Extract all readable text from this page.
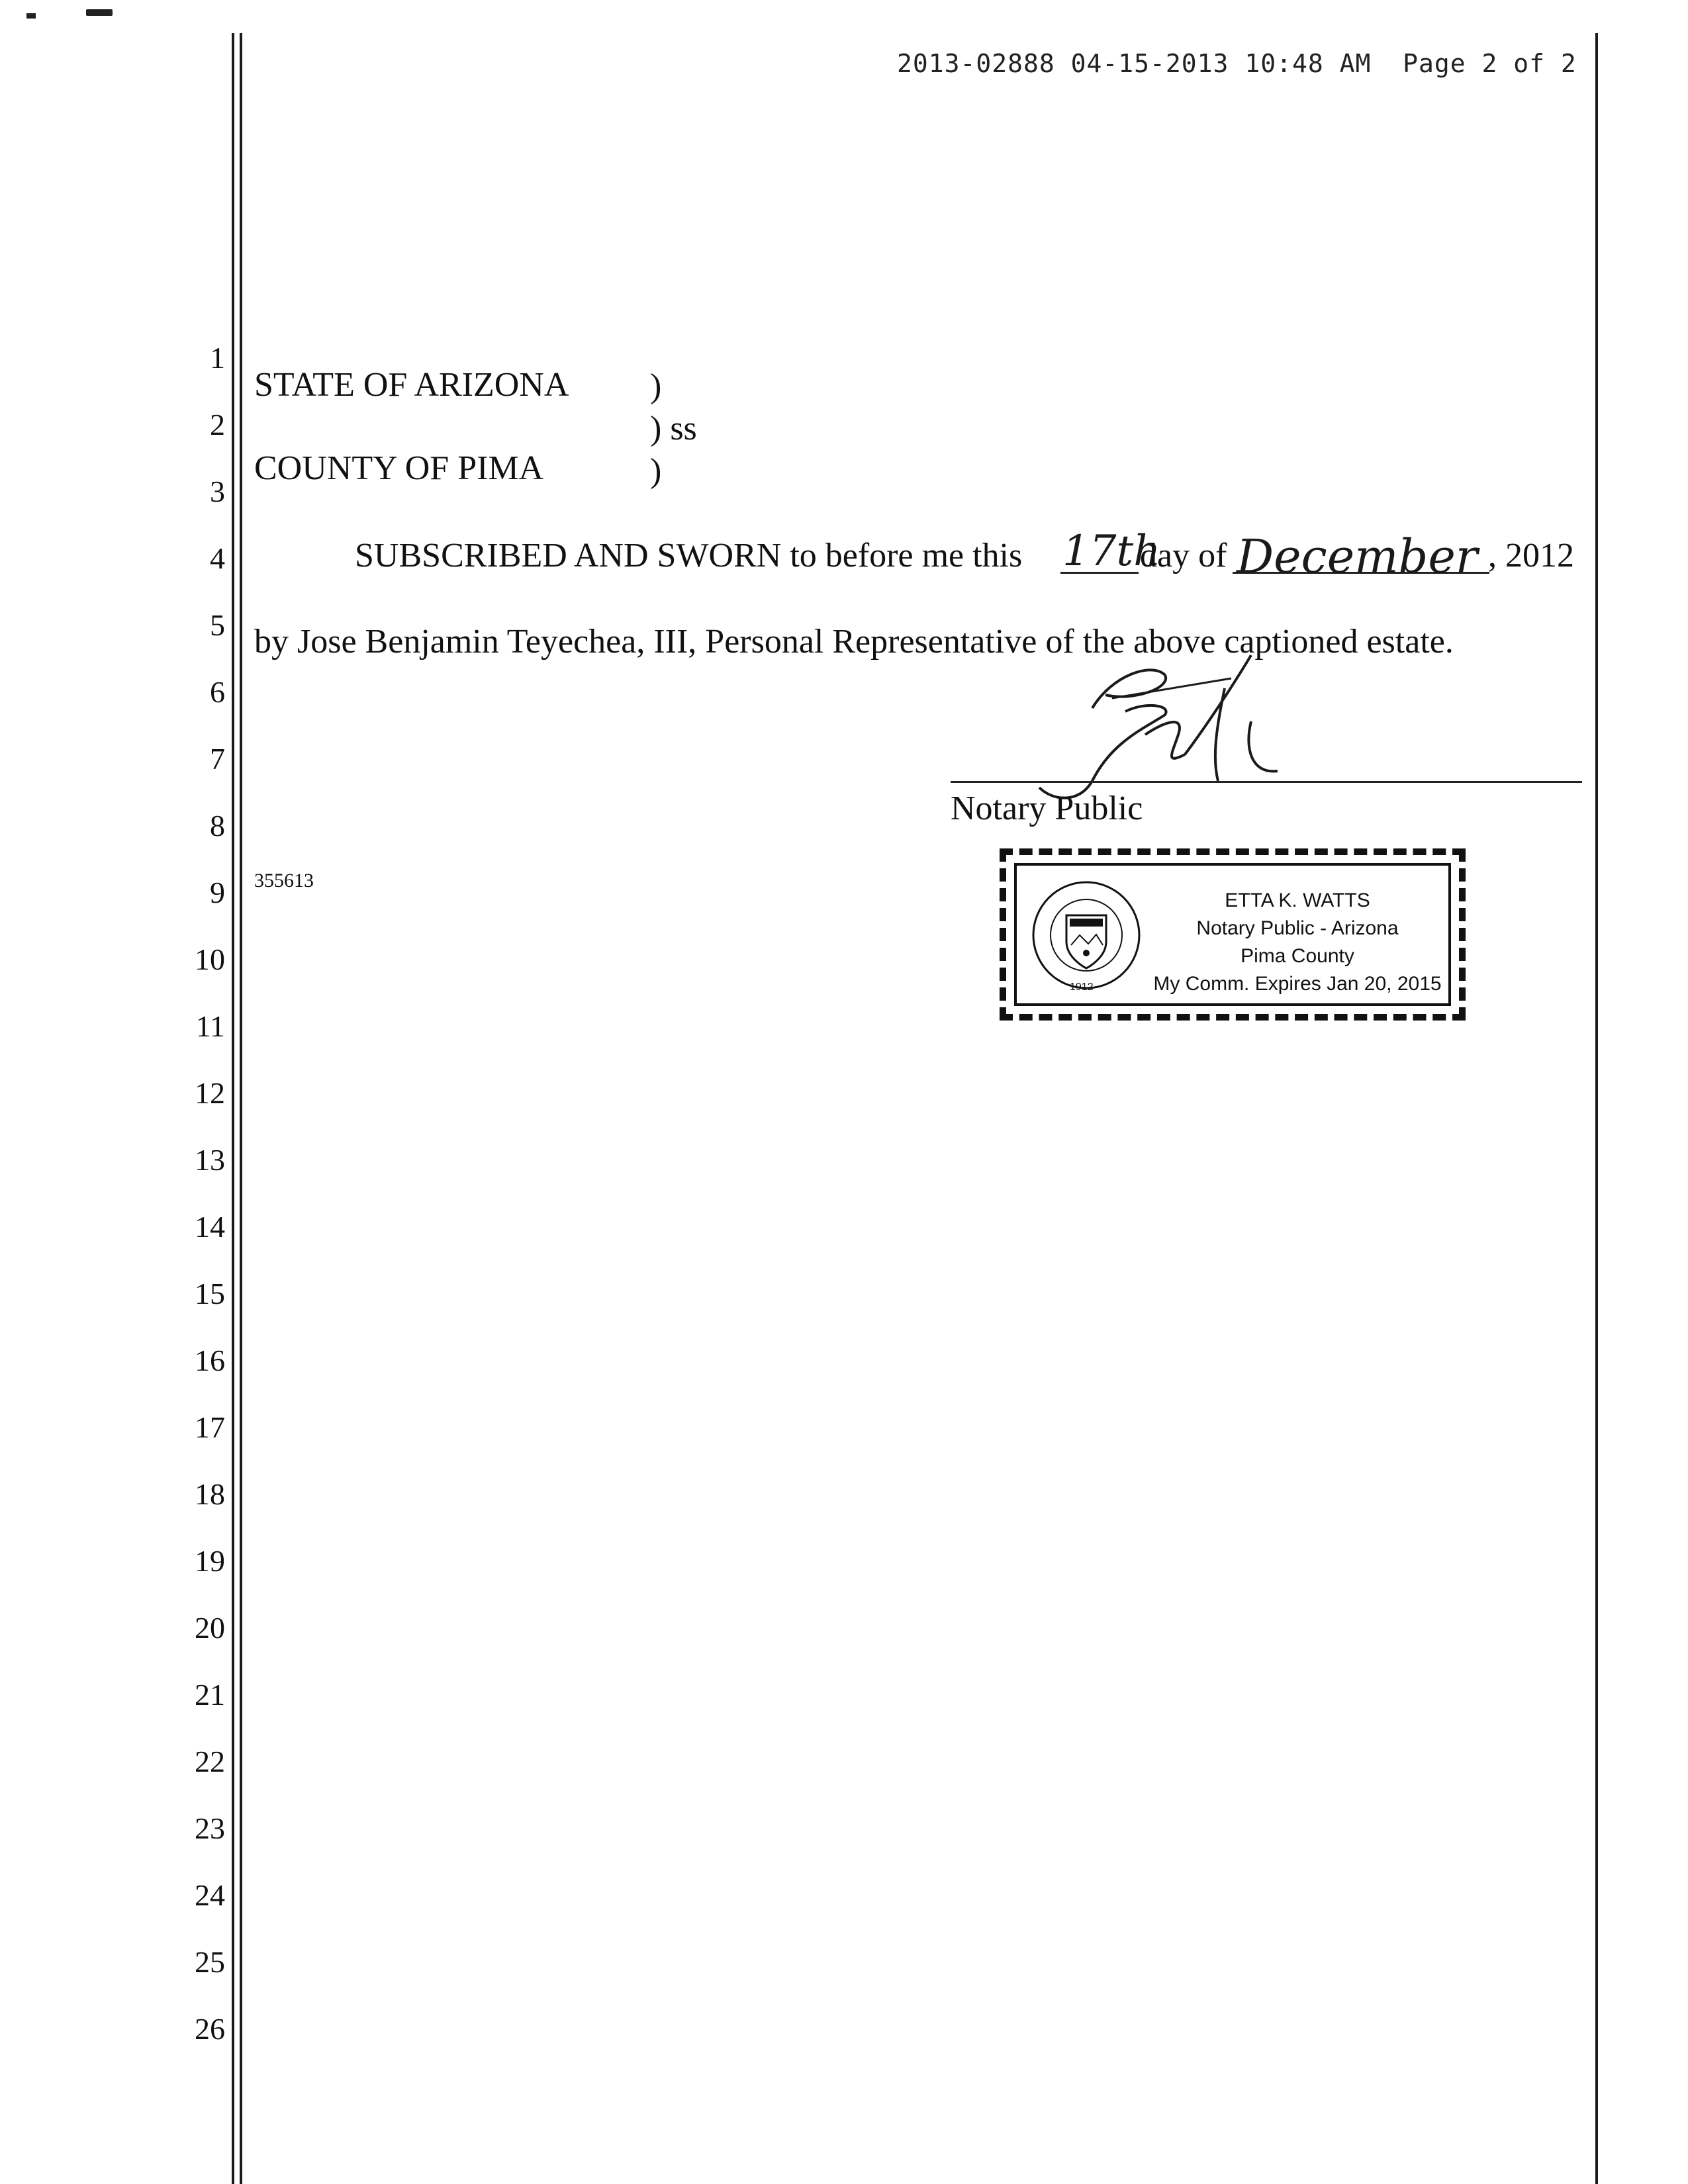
2013-02888 04-15-2013 10:48 AM  Page 2 of 2
1
2
3
4
5
6
7
8
9
10
11
12
13
14
15
16
17
18
19
20
21
22
23
24
25
26
STATE OF ARIZONA )
) ss
COUNTY OF PIMA	)
SUBSCRIBED AND SWORN to before me this 17th
day of December , 2012
by Jose Benjamin Teyechea, III, Personal Representative of the above captioned estate.
Notary Public
355613
1912
ETTA K. WATTS
Notary Public - Arizona
Pima County
My Comm. Expires Jan 20, 2015
